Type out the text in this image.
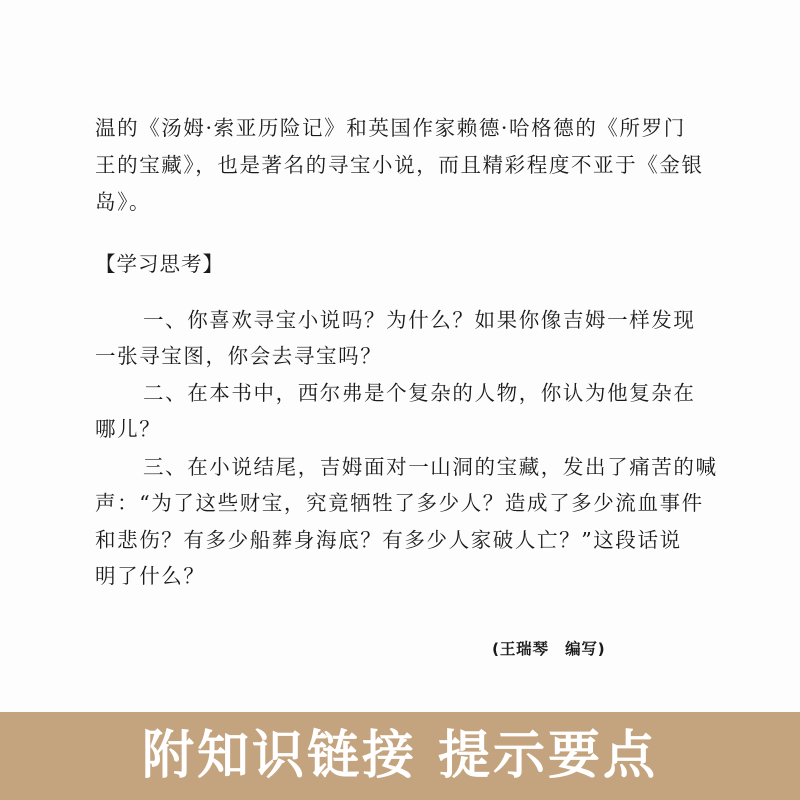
温的《汤姆·索亚历险记》和英国作家赖德·哈格德的《所罗门
王的宝藏》，也是著名的寻宝小说，而且精彩程度不亚于《金银
岛》。
【学习思考】
一、你喜欢寻宝小说吗？为什么？如果你像吉姆一样发现
一张寻宝图，你会去寻宝吗？
二、在本书中，西尔弗是个复杂的人物，你认为他复杂在
哪儿？
三、在小说结尾，吉姆面对一山洞的宝藏，发出了痛苦的喊
声：“为了这些财宝，究竟牺牲了多少人？造成了多少流血事件
和悲伤？有多少船葬身海底？有多少人家破人亡？”这段话说
明了什么？
(王瑞琴　编写)
附知识链接 提示要点
